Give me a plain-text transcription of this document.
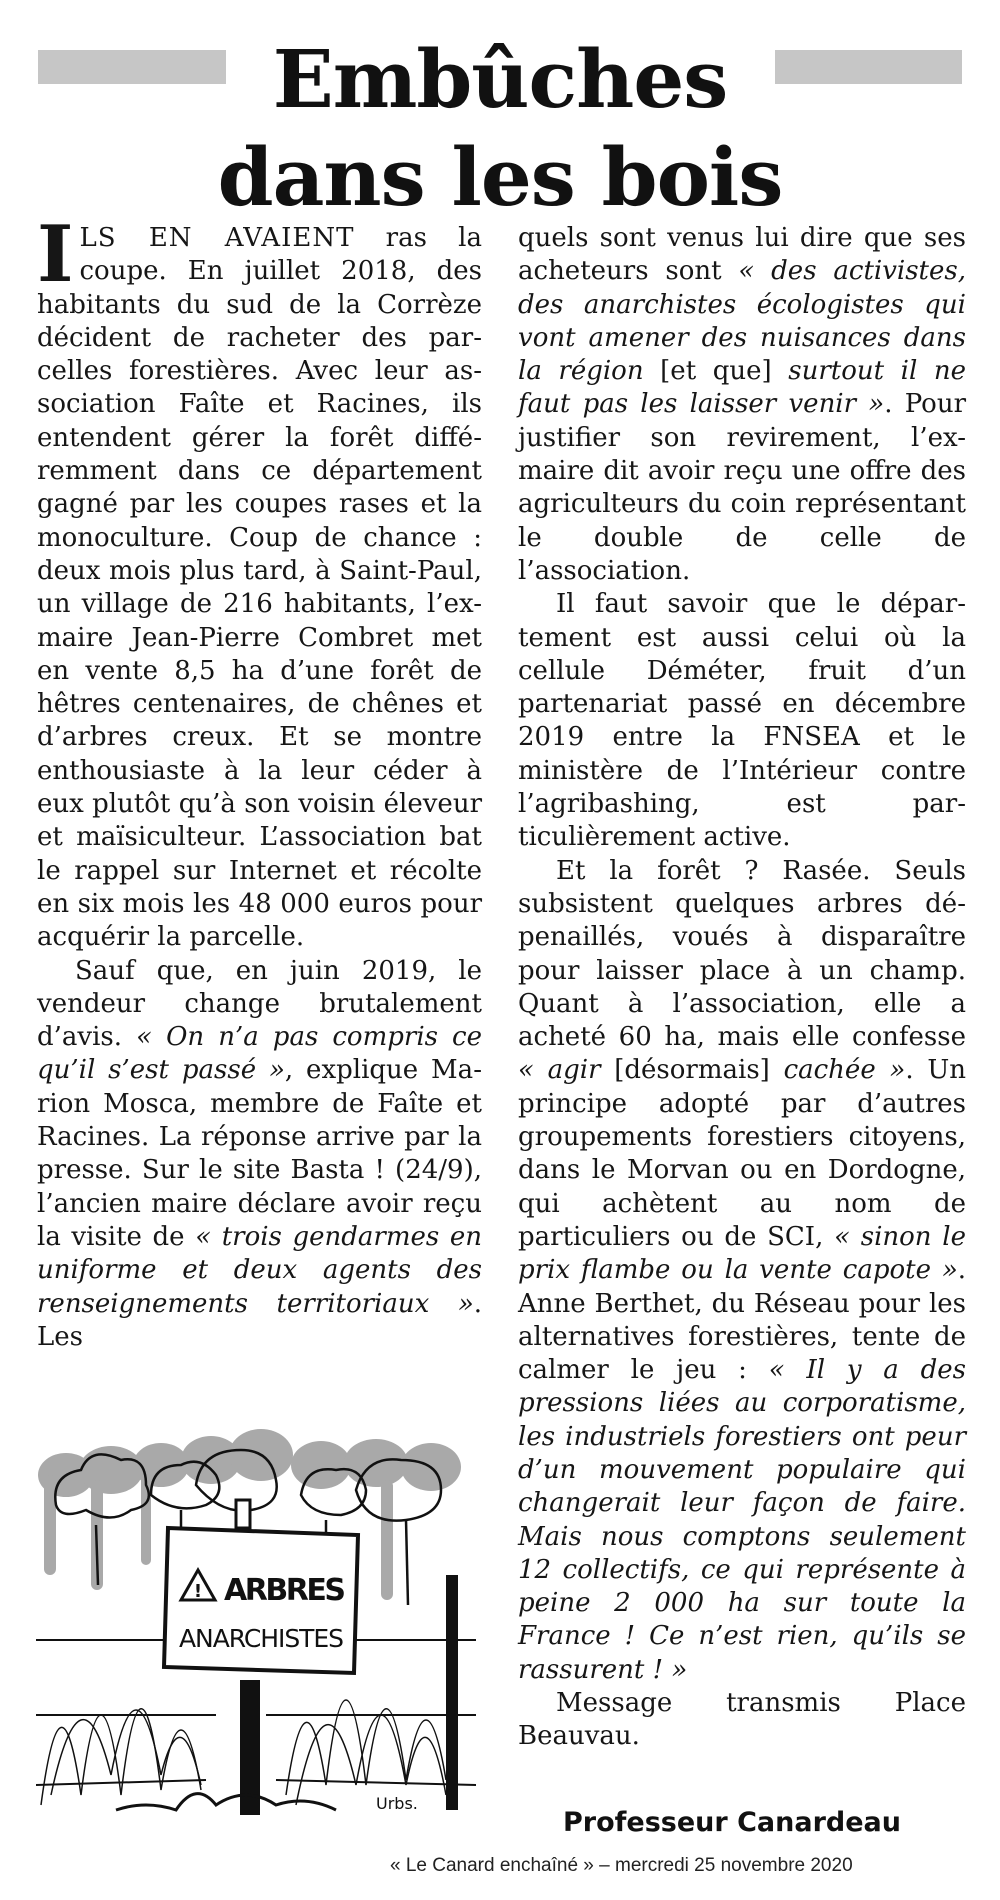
Embûches
dans les bois

ILS EN AVAIENT ras la coupe. En juillet 2018, des habitants du sud de la Corrèze décident de racheter des parcelles forestières. Avec leur association Faîte et Racines, ils entendent gérer la forêt différemment dans ce département gagné par les coupes rases et la monoculture. Coup de chance : deux mois plus tard, à Saint-Paul, un village de 216 habitants, l’ex-maire Jean-Pierre Combret met en vente 8,5 ha d’une forêt de hêtres centenaires, de chênes et d’arbres creux. Et se montre enthousiaste à la leur céder à eux plutôt qu’à son voisin éleveur et maïsiculteur. L’association bat le rappel sur Internet et récolte en six mois les 48 000 euros pour acquérir la parcelle.

Sauf que, en juin 2019, le vendeur change brutalement d’avis. « On n’a pas compris ce qu’il s’est passé », explique Marion Mosca, membre de Faîte et Racines. La réponse arrive par la presse. Sur le site Basta ! (24/9), l’ancien maire déclare avoir reçu la visite de « trois gendarmes en uniforme et deux agents des renseignements territoriaux ». Les

quels sont venus lui dire que ses acheteurs sont « des activistes, des anarchistes écologistes qui vont amener des nuisances dans la région [et que] surtout il ne faut pas les laisser venir ». Pour justifier son revirement, l’ex-maire dit avoir reçu une offre des agriculteurs du coin représentant le double de celle de l’association.

Il faut savoir que le département est aussi celui où la cellule Déméter, fruit d’un partenariat passé en décembre 2019 entre la FNSEA et le ministère de l’Intérieur contre l’agribashing, est particulièrement active.

Et la forêt ? Rasée. Seuls subsistent quelques arbres dépenaillés, voués à disparaître pour laisser place à un champ. Quant à l’association, elle a acheté 60 ha, mais elle confesse « agir [désormais] cachée ». Un principe adopté par d’autres groupements forestiers citoyens, dans le Morvan ou en Dordogne, qui achètent au nom de particuliers ou de SCI, « sinon le prix flambe ou la vente capote ». Anne Berthet, du Réseau pour les alternatives forestières, tente de calmer le jeu : « Il y a des pressions liées au corporatisme, les industriels forestiers ont peur d’un mouvement populaire qui changerait leur façon de faire. Mais nous comptons seulement 12 collectifs, ce qui représente à peine 2 000 ha sur toute la France ! Ce n’est rien, qu’ils se rassurent ! »

Message transmis Place Beauvau.

! ARBRES
ANARCHISTES
Urbs.
Professeur Canardeau
« Le Canard enchaîné » – mercredi 25 novembre 2020
